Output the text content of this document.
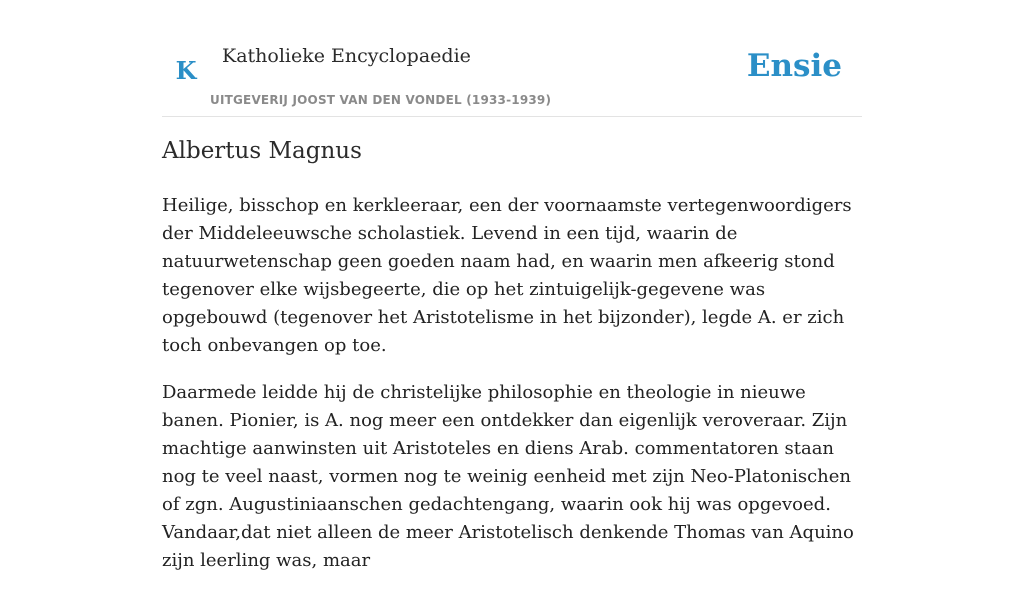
K Katholieke Encyclopaedie
UITGEVERIJ JOOST VAN DEN VONDEL (1933-1939)
Ensie
Albertus Magnus

Heilige, bisschop en kerkleeraar, een der voornaamste vertegenwoordigers der Middeleeuwsche scholastiek. Levend in een tijd, waarin de natuurwetenschap geen goeden naam had, en waarin men afkeerig stond tegenover elke wijsbegeerte, die op het zintuigelijk-gegevene was opgebouwd (tegenover het Aristotelisme in het bijzonder), legde A. er zich toch onbevangen op toe.

Daarmede leidde hij de christelijke philosophie en theologie in nieuwe banen. Pionier, is A. nog meer een ontdekker dan eigenlijk veroveraar. Zijn machtige aanwinsten uit Aristoteles en diens Arab. commentatoren staan nog te veel naast, vormen nog te weinig eenheid met zijn Neo-Platonischen of zgn. Augustiniaanschen gedachtengang, waarin ook hij was opgevoed. Vandaar,dat niet alleen de meer Aristotelisch denkende Thomas van Aquino zijn leerling was, maar
